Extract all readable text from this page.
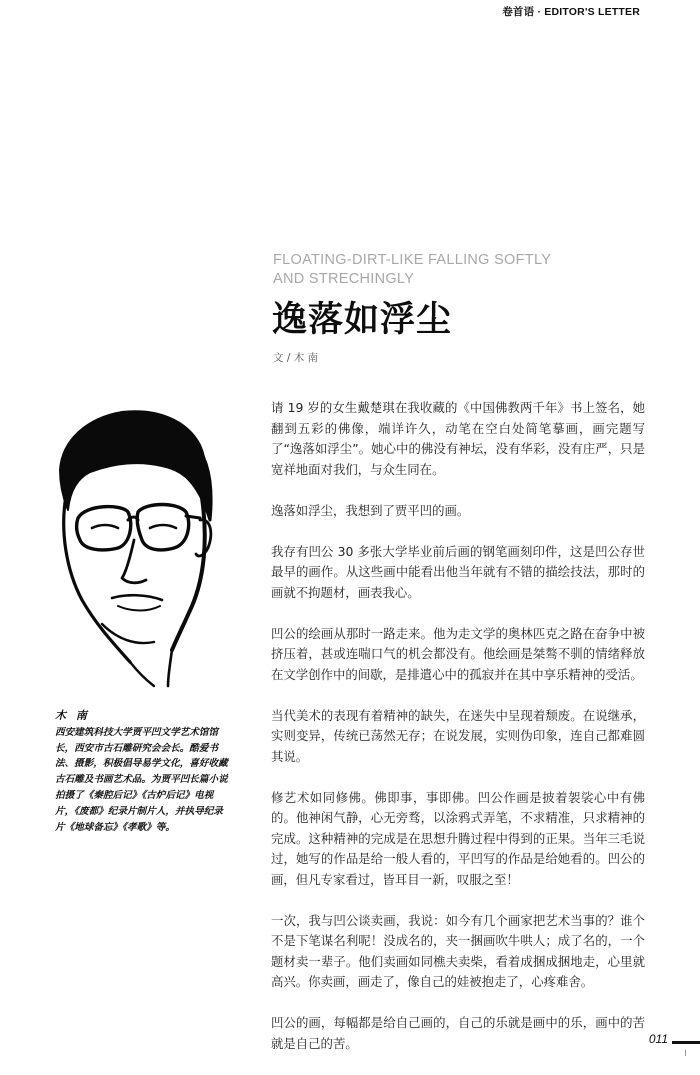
卷首语 · EDITOR'S LETTER
FLOATING-DIRT-LIKE FALLING SOFTLY AND STRECHINGLY
逸落如浮尘
文 / 木 南

请 19 岁的女生戴楚琪在我收藏的《中国佛教两千年》书上签名，她翻到五彩的佛像，端详许久，动笔在空白处简笔摹画，画完题写了“逸落如浮尘”。她心中的佛没有神坛，没有华彩，没有庄严，只是宽祥地面对我们，与众生同在。

逸落如浮尘，我想到了贾平凹的画。

我存有凹公 30 多张大学毕业前后画的钢笔画刻印件，这是凹公存世最早的画作。从这些画中能看出他当年就有不错的描绘技法，那时的画就不拘题材，画表我心。

凹公的绘画从那时一路走来。他为走文学的奥林匹克之路在奋争中被挤压着，甚或连喘口气的机会都没有。他绘画是桀骜不驯的情绪释放在文学创作中的间歇，是排遣心中的孤寂并在其中享乐精神的受活。

当代美术的表现有着精神的缺失，在迷失中呈现着颓废。在说继承，实则变异，传统已荡然无存；在说发展，实则伪印象，连自己都难圆其说。

修艺术如同修佛。佛即事，事即佛。凹公作画是披着袈裟心中有佛的。他神闲气静，心无旁骛，以涂鸦式弄笔，不求精准，只求精神的完成。这种精神的完成是在思想升腾过程中得到的正果。当年三毛说过，她写的作品是给一般人看的，平凹写的作品是给她看的。凹公的画，但凡专家看过，皆耳目一新，叹服之至！

一次，我与凹公谈卖画，我说：如今有几个画家把艺术当事的？谁个不是下笔谋名利呢！没成名的，夹一捆画吹牛哄人；成了名的，一个题材卖一辈子。他们卖画如同樵夫卖柴，看着成捆成捆地走，心里就高兴。你卖画，画走了，像自己的娃被抱走了，心疼难舍。

凹公的画，每幅都是给自己画的，自己的乐就是画中的乐，画中的苦就是自己的苦。

木 南
西安建筑科技大学贾平凹文学艺术馆馆长，西安市古石雕研究会会长。酷爱书法、摄影，积极倡导易学文化，喜好收藏古石雕及书画艺术品。为贾平凹长篇小说拍摄了《秦腔后记》《古炉后记》电视片，《废都》纪录片制片人，并执导纪录片《地球备忘》《孝歌》等。
011
